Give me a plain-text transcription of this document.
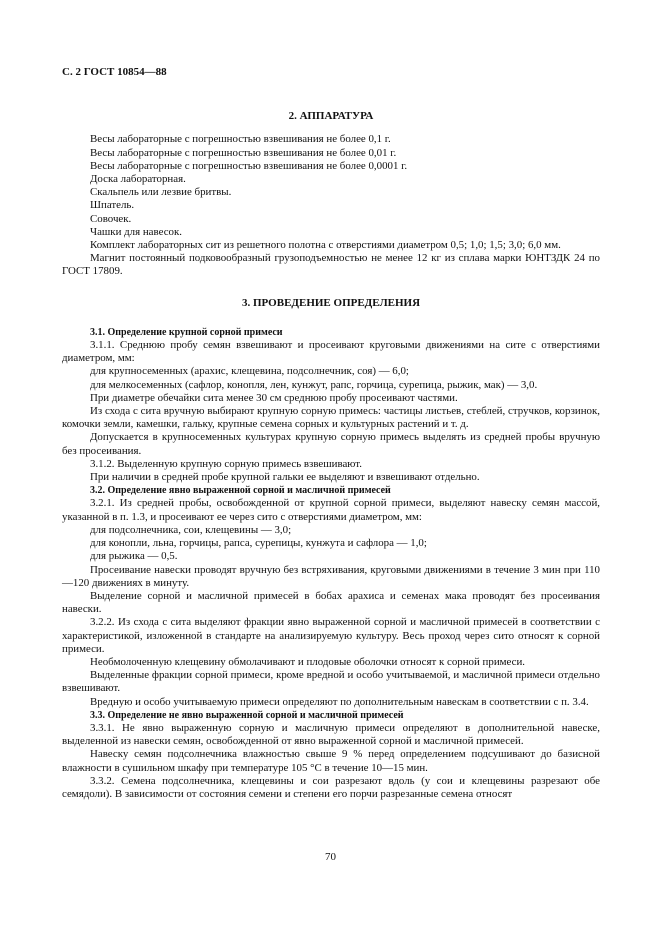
С. 2 ГОСТ 10854—88

2. АППАРАТУРА

Весы лабораторные с погрешностью взвешивания не более 0,1 г.
Весы лабораторные с погрешностью взвешивания не более 0,01 г.
Весы лабораторные с погрешностью взвешивания не более 0,0001 г.
Доска лабораторная.
Скальпель или лезвие бритвы.
Шпатель.
Совочек.
Чашки для навесок.
Комплект лабораторных сит из решетного полотна с отверстиями диаметром 0,5; 1,0; 1,5; 3,0; 6,0 мм.
Магнит постоянный подковообразный грузоподъемностью не менее 12 кг из сплава марки ЮНТЗДК 24 по ГОСТ 17809.

3. ПРОВЕДЕНИЕ ОПРЕДЕЛЕНИЯ

3.1. Определение крупной сорной примеси

3.1.1. Среднюю пробу семян взвешивают и просеивают круговыми движениями на сите с отверстиями диаметром, мм:

для крупносеменных (арахис, клещевина, подсолнечник, соя) — 6,0;

для мелкосеменных (сафлор, конопля, лен, кунжут, рапс, горчица, сурепица, рыжик, мак) — 3,0.

При диаметре обечайки сита менее 30 см среднюю пробу просеивают частями.

Из схода с сита вручную выбирают крупную сорную примесь: частицы листьев, стеблей, стручков, корзинок, комочки земли, камешки, гальку, крупные семена сорных и культурных растений и т. д.

Допускается в крупносеменных культурах крупную сорную примесь выделять из средней пробы вручную без просеивания.

3.1.2. Выделенную крупную сорную примесь взвешивают.

При наличии в средней пробе крупной гальки ее выделяют и взвешивают отдельно.

3.2. Определение явно выраженной сорной и масличной примесей

3.2.1. Из средней пробы, освобожденной от крупной сорной примеси, выделяют навеску семян массой, указанной в п. 1.3, и просеивают ее через сито с отверстиями диаметром, мм:

для подсолнечника, сои, клещевины — 3,0;

для конопли, льна, горчицы, рапса, сурепицы, кунжута и сафлора — 1,0;

для рыжика — 0,5.

Просеивание навески проводят вручную без встряхивания, круговыми движениями в течение 3 мин при 110—120 движениях в минуту.

Выделение сорной и масличной примесей в бобах арахиса и семенах мака проводят без просеивания навески.

3.2.2. Из схода с сита выделяют фракции явно выраженной сорной и масличной примесей в соответствии с характеристикой, изложенной в стандарте на анализируемую культуру. Весь проход через сито относят к сорной примеси.

Необмолоченную клещевину обмолачивают и плодовые оболочки относят к сорной примеси.

Выделенные фракции сорной примеси, кроме вредной и особо учитываемой, и масличной примеси отдельно взвешивают.

Вредную и особо учитываемую примеси определяют по дополнительным навескам в соответствии с п. 3.4.

3.3. Определение не явно выраженной сорной и масличной примесей

3.3.1. Не явно выраженную сорную и масличную примеси определяют в дополнительной навеске, выделенной из навески семян, освобожденной от явно выраженной сорной и масличной примесей.

Навеску семян подсолнечника влажностью свыше 9 % перед определением подсушивают до базисной влажности в сушильном шкафу при температуре 105 °С в течение 10—15 мин.

3.3.2. Семена подсолнечника, клещевины и сои разрезают вдоль (у сои и клещевины разрезают обе семядоли). В зависимости от состояния семени и степени его порчи разрезанные семена относят

70
